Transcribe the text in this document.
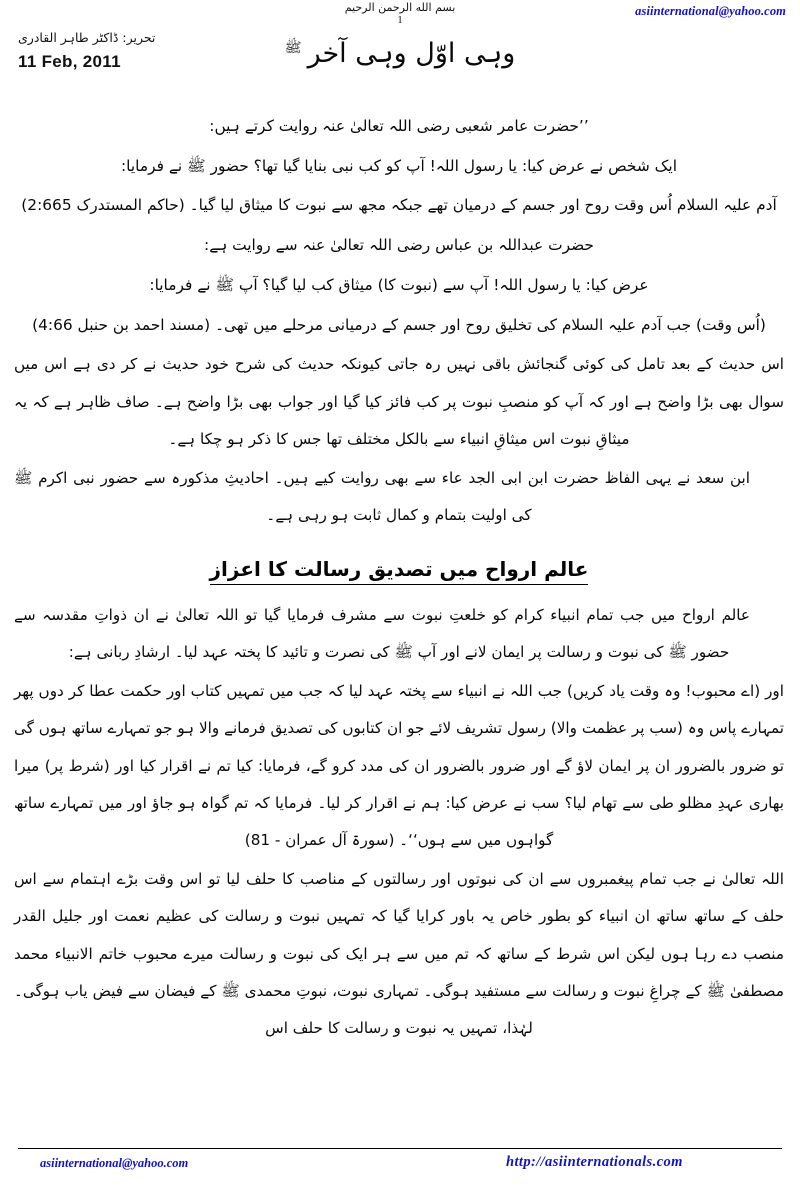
asiinternational@yahoo.com
بسم الله الرحمن الرحيم
1
تحریر: ڈاکٹر طاہر القادری
11 Feb, 2011	وہی اوّل وہی آخر$^ﷺ$

’’حضرت عامر شعبی رضی اللہ تعالیٰ عنہ روایت کرتے ہیں:

ایک شخص نے عرض کیا: یا رسول اللہ! آپ کو کب نبی بنایا گیا تھا؟ حضور ﷺ نے فرمایا:

آدم علیہ السلام اُس وقت روح اور جسم کے درمیان تھے جبکہ مجھ سے نبوت کا میثاق لیا گیا۔ (حاکم المستدرک 2:665)

حضرت عبداللہ بن عباس رضی اللہ تعالیٰ عنہ سے روایت ہے:

عرض کیا: یا رسول اللہ! آپ سے (نبوت کا) میثاق کب لیا گیا؟ آپ ﷺ نے فرمایا:

(اُس وقت) جب آدم علیہ السلام کی تخلیق روح اور جسم کے درمیانی مرحلے میں تھی۔ (مسند احمد بن حنبل 4:66)

اس حدیث کے بعد تامل کی کوئی گنجائش باقی نہیں رہ جاتی کیونکہ حدیث کی شرح خود حدیث نے کر دی ہے اس میں سوال بھی بڑا واضح ہے اور کہ آپ کو منصبِ نبوت پر کب فائز کیا گیا اور جواب بھی بڑا واضح ہے۔ صاف ظاہر ہے کہ یہ میثاقِ نبوت اس میثاقِ انبیاء سے بالکل مختلف تھا جس کا ذکر ہو چکا ہے۔

ابن سعد نے یہی الفاظ حضرت ابن ابی الجد عاء سے بھی روایت کیے ہیں۔ احادیثِ مذکورہ سے حضور نبی اکرم ﷺ کی اولیت بتمام و کمال ثابت ہو رہی ہے۔

عالم ارواح میں تصدیق رسالت کا اعزاز

عالم ارواح میں جب تمام انبیاء کرام کو خلعتِ نبوت سے مشرف فرمایا گیا تو اللہ تعالیٰ نے ان ذواتِ مقدسہ سے حضور ﷺ کی نبوت و رسالت پر ایمان لانے اور آپ ﷺ کی نصرت و تائید کا پختہ عہد لیا۔ ارشادِ ربانی ہے:

اور (اے محبوب! وہ وقت یاد کریں) جب اللہ نے انبیاء سے پختہ عہد لیا کہ جب میں تمہیں کتاب اور حکمت عطا کر دوں پھر تمہارے پاس وہ (سب پر عظمت والا) رسول تشریف لائے جو ان کتابوں کی تصدیق فرمانے والا ہو جو تمہارے ساتھ ہوں گی تو ضرور بالضرور ان پر ایمان لاؤ گے اور ضرور بالضرور ان کی مدد کرو گے، فرمایا: کیا تم نے اقرار کیا اور (شرط پر) میرا بھاری عہدِ مظلو طی سے تھام لیا؟ سب نے عرض کیا: ہم نے اقرار کر لیا۔ فرمایا کہ تم گواہ ہو جاؤ اور میں تمہارے ساتھ گواہوں میں سے ہوں‘‘۔ (سورۃ آل عمران - 81)

اللہ تعالیٰ نے جب تمام پیغمبروں سے ان کی نبوتوں اور رسالتوں کے مناصب کا حلف لیا تو اس وقت بڑے اہتمام سے اس حلف کے ساتھ ساتھ ان انبیاء کو بطور خاص یہ باور کرایا گیا کہ تمہیں نبوت و رسالت کی عظیم نعمت اور جلیل القدر منصب دے رہا ہوں لیکن اس شرط کے ساتھ کہ تم میں سے ہر ایک کی نبوت و رسالت میرے محبوب خاتم الانبیاء محمد مصطفیٰ ﷺ کے چراغِ نبوت و رسالت سے مستفید ہوگی۔ تمہاری نبوت، نبوتِ محمدی ﷺ کے فیضان سے فیض یاب ہوگی۔ لہٰذا، تمہیں یہ نبوت و رسالت کا حلف اس

asiinternational@yahoo.com	http://asiinternationals.com
